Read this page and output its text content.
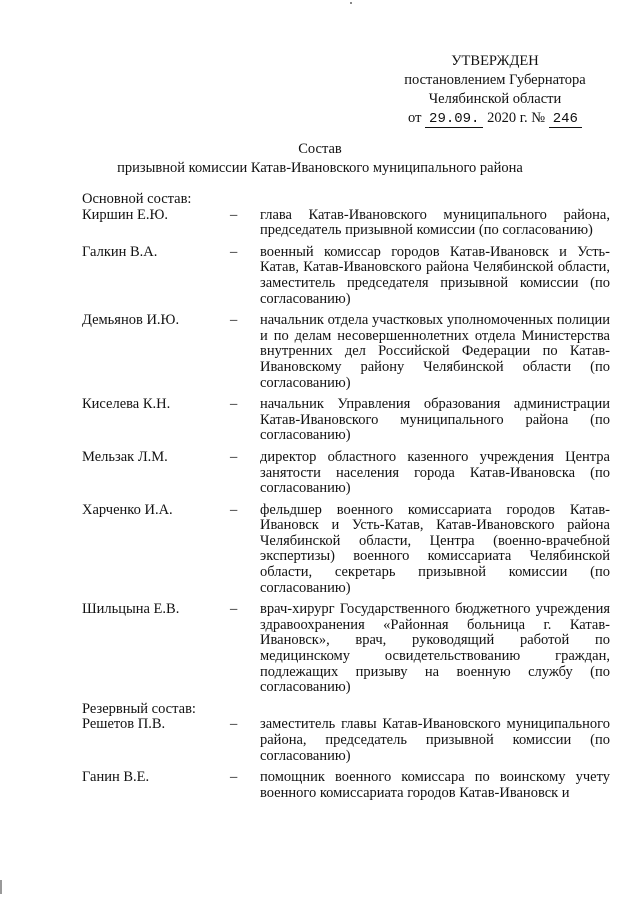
УТВЕРЖДЕН
постановлением Губернатора
Челябинской области
от 29.09. 2020 г. № 246
Состав
призывной комиссии Катав-Ивановского муниципального района
Основной состав:
Киршин Е.Ю.	–	глава Катав-Ивановского муниципального района, председатель призывной комиссии (по согласованию)
Галкин В.А.	–	военный комиссар городов Катав-Ивановск и Усть-Катав, Катав-Ивановского района Челябинской области, заместитель председателя призывной комиссии (по согласованию)
Демьянов И.Ю.	–	начальник отдела участковых уполномоченных полиции и по делам несовершеннолетних отдела Министерства внутренних дел Российской Федерации по Катав-Ивановскому району Челябинской области (по согласованию)
Киселева К.Н.	–	начальник Управления образования администрации Катав-Ивановского муниципального района (по согласованию)
Мельзак Л.М.	–	директор областного казенного учреждения Центра занятости населения города Катав-Ивановска (по согласованию)
Харченко И.А.	–	фельдшер военного комиссариата городов Катав-Ивановск и Усть-Катав, Катав-Ивановского района Челябинской области, Центра (военно-врачебной экспертизы) военного комиссариата Челябинской области, секретарь призывной комиссии (по согласованию)
Шильцына Е.В.	–	врач-хирург Государственного бюджетного учреждения здравоохранения «Районная больница г. Катав-Ивановск», врач, руководящий работой по медицинскому освидетельствованию граждан, подлежащих призыву на военную службу (по согласованию)
Резервный состав:
Решетов П.В.	–	заместитель главы Катав-Ивановского муниципального района, председатель призывной комиссии (по согласованию)
Ганин В.Е.	–	помощник военного комиссара по воинскому учету военного комиссариата городов Катав-Ивановск и
